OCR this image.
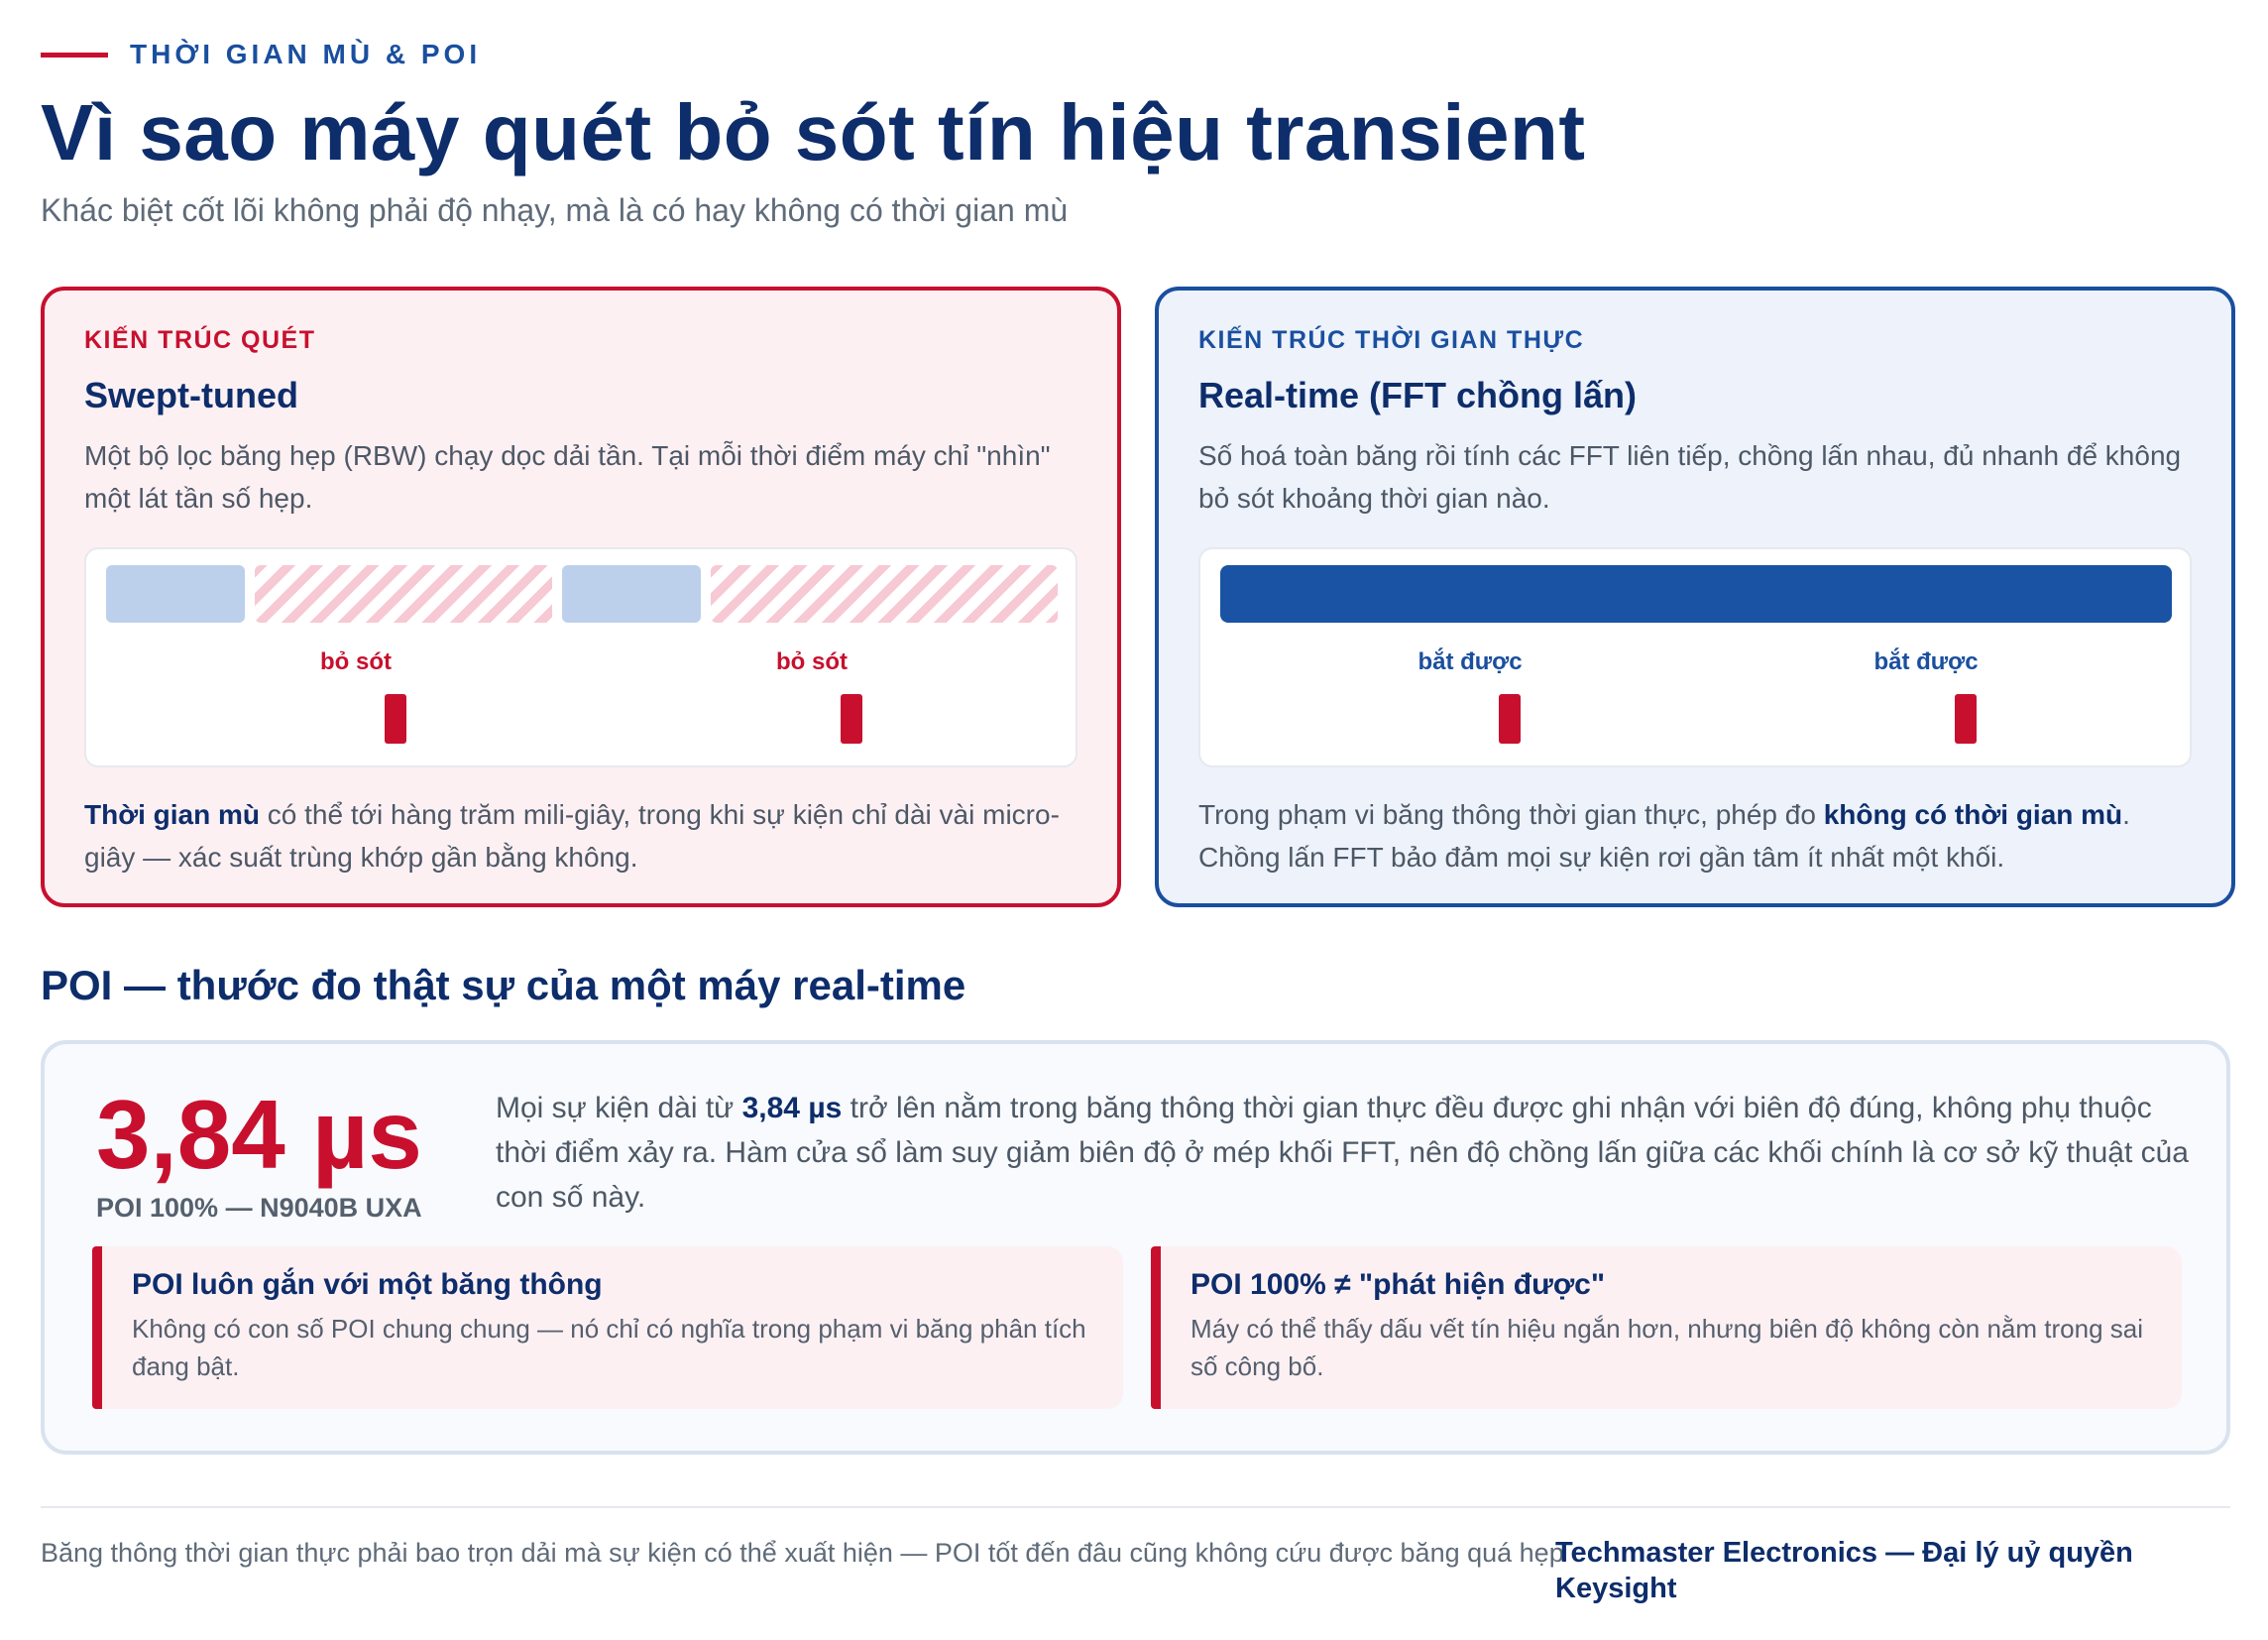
THỜI GIAN MÙ & POI
Vì sao máy quét bỏ sót tín hiệu transient

Khác biệt cốt lõi không phải độ nhạy, mà là có hay không có thời gian mù

KIẾN TRÚC QUÉT
Swept-tuned
Một bộ lọc băng hẹp (RBW) chạy dọc dải tần. Tại mỗi thời điểm máy chỉ "nhìn" một lát tần số hẹp.
bỏ sót	bỏ sót

Thời gian mù có thể tới hàng trăm mili-giây, trong khi sự kiện chỉ dài vài micro-giây — xác suất trùng khớp gần bằng không.

KIẾN TRÚC THỜI GIAN THỰC
Real-time (FFT chồng lấn)
Số hoá toàn băng rồi tính các FFT liên tiếp, chồng lấn nhau, đủ nhanh để không bỏ sót khoảng thời gian nào.
bắt được	bắt được

Trong phạm vi băng thông thời gian thực, phép đo không có thời gian mù. Chồng lấn FFT bảo đảm mọi sự kiện rơi gần tâm ít nhất một khối.

POI — thước đo thật sự của một máy real-time
3,84 µs
POI 100% — N9040B UXA

Mọi sự kiện dài từ 3,84 µs trở lên nằm trong băng thông thời gian thực đều được ghi nhận với biên độ đúng, không phụ thuộc thời điểm xảy ra. Hàm cửa sổ làm suy giảm biên độ ở mép khối FFT, nên độ chồng lấn giữa các khối chính là cơ sở kỹ thuật của con số này.

POI luôn gắn với một băng thông
Không có con số POI chung chung — nó chỉ có nghĩa trong phạm vi băng phân tích đang bật.
POI 100% ≠ "phát hiện được"
Máy có thể thấy dấu vết tín hiệu ngắn hơn, nhưng biên độ không còn nằm trong sai số công bố.

Băng thông thời gian thực phải bao trọn dải mà sự kiện có thể xuất hiện — POI tốt đến đâu cũng không cứu được băng quá hẹp

Techmaster Electronics — Đại lý uỷ quyền Keysight
